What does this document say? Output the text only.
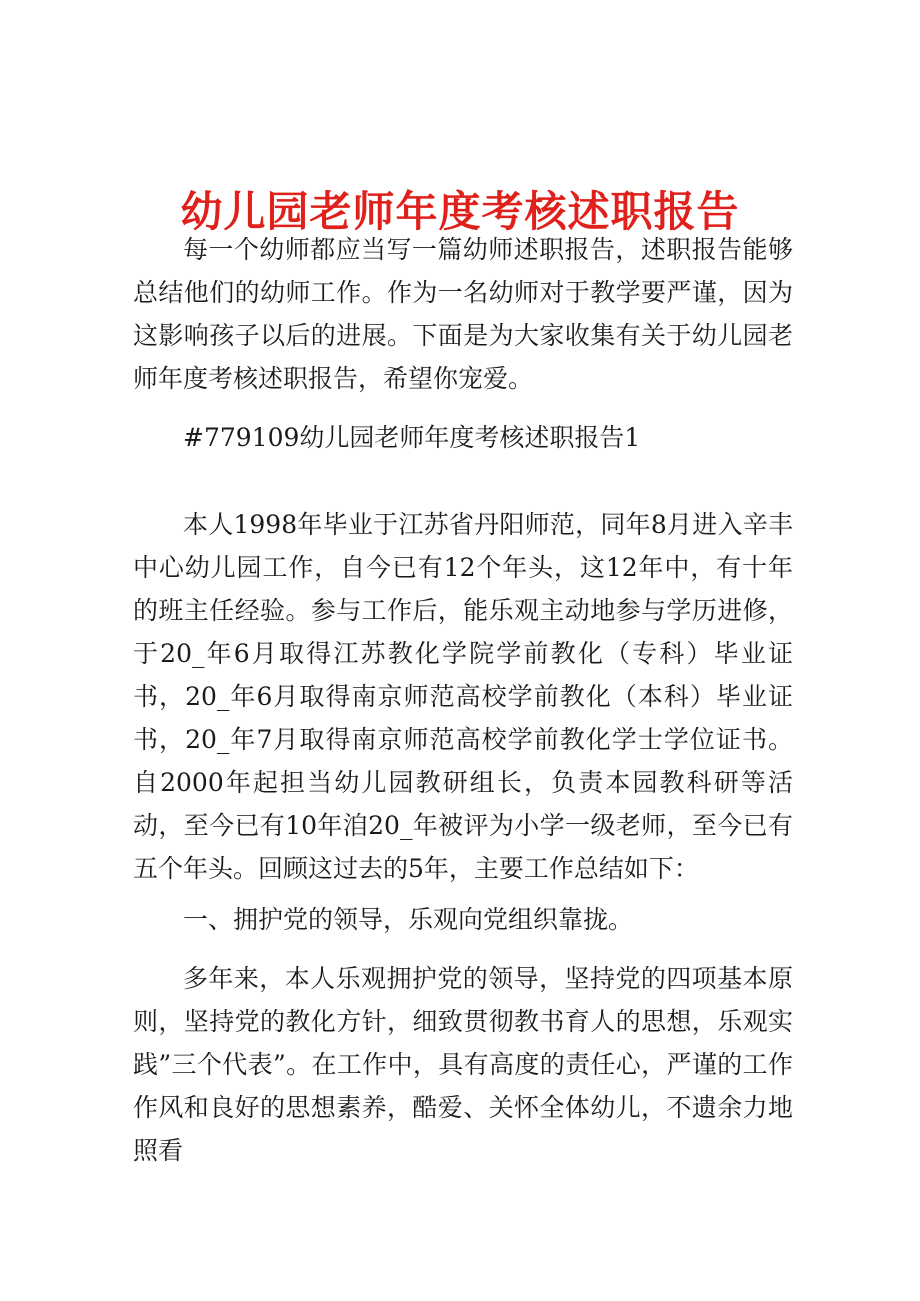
幼儿园老师年度考核述职报告

每一个幼师都应当写一篇幼师述职报告，述职报告能够总结他们的幼师工作。作为一名幼师对于教学要严谨，因为这影响孩子以后的进展。下面是为大家收集有关于幼儿园老师年度考核述职报告，希望你宠爱。

#779109幼儿园老师年度考核述职报告1

本人1998年毕业于江苏省丹阳师范，同年8月进入辛丰中心幼儿园工作，自今已有12个年头，这12年中，有十年的班主任经验。参与工作后，能乐观主动地参与学历进修，于20_年6月取得江苏教化学院学前教化（专科）毕业证书，20_年6月取得南京师范高校学前教化（本科）毕业证书，20_年7月取得南京师范高校学前教化学士学位证书。自2000年起担当幼儿园教研组长，负责本园教科研等活动，至今已有10年洎20_年被评为小学一级老师，至今已有五个年头。回顾这过去的5年，主要工作总结如下：

一、拥护党的领导，乐观向党组织靠拢。

多年来，本人乐观拥护党的领导，坚持党的四项基本原则，坚持党的教化方针，细致贯彻教书育人的思想，乐观实践”三个代表”。在工作中，具有高度的责任心，严谨的工作作风和良好的思想素养，酷爱、关怀全体幼儿，不遗余力地照看
